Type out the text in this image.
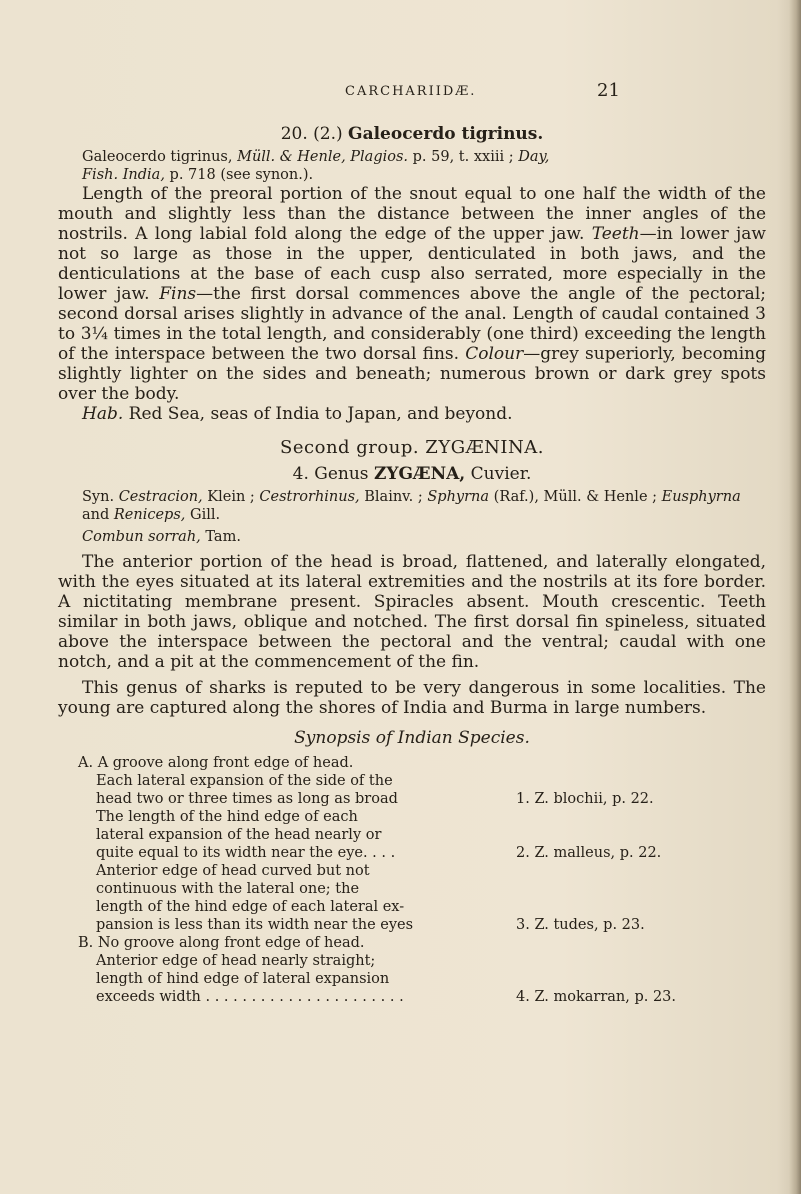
CARCHARIIDÆ.	21
20. (2.) Galeocerdo tigrinus.
Galeocerdo tigrinus, Müll. & Henle, Plagios. p. 59, t. xxiii ; Day,
Fish. India, p. 718 (see synon.).

Length of the preoral portion of the snout equal to one half the width of the mouth and slightly less than the distance between the inner angles of the nostrils. A long labial fold along the edge of the upper jaw. Teeth—in lower jaw not so large as those in the upper, denticulated in both jaws, and the denticulations at the base of each cusp also serrated, more especially in the lower jaw. Fins—the first dorsal commences above the angle of the pectoral; second dorsal arises slightly in advance of the anal. Length of caudal contained 3 to 3¼ times in the total length, and considerably (one third) exceeding the length of the interspace between the two dorsal fins. Colour—grey superiorly, becoming slightly lighter on the sides and beneath; numerous brown or dark grey spots over the body.

Hab. Red Sea, seas of India to Japan, and beyond.

Second group. ZYGÆNINA.
4. Genus ZYGÆNA, Cuvier.
Syn. Cestracion, Klein ; Cestrorhinus, Blainv. ; Sphyrna (Raf.), Müll. & Henle ; Eusphyrna and Reniceps, Gill.
Combun sorrah, Tam.

The anterior portion of the head is broad, flattened, and laterally elongated, with the eyes situated at its lateral extremities and the nostrils at its fore border. A nictitating membrane present. Spiracles absent. Mouth crescentic. Teeth similar in both jaws, oblique and notched. The first dorsal fin spineless, situated above the interspace between the pectoral and the ventral; caudal with one notch, and a pit at the commencement of the fin.

This genus of sharks is reputed to be very dangerous in some localities. The young are captured along the shores of India and Burma in large numbers.

Synopsis of Indian Species.
A. A groove along front edge of head.
Each lateral expansion of the side of the
head two or three times as long as broad	1. Z. blochii, p. 22.
The length of the hind edge of each
lateral expansion of the head nearly or
quite equal to its width near the eye. . . .	2. Z. malleus, p. 22.
Anterior edge of head curved but not
continuous with the lateral one; the
length of the hind edge of each lateral ex-
pansion is less than its width near the eyes	3. Z. tudes, p. 23.
B. No groove along front edge of head.
Anterior edge of head nearly straight;
length of hind edge of lateral expansion
exceeds width . . . . . . . . . . . . . . . . . . . . . .	4. Z. mokarran, p. 23.
